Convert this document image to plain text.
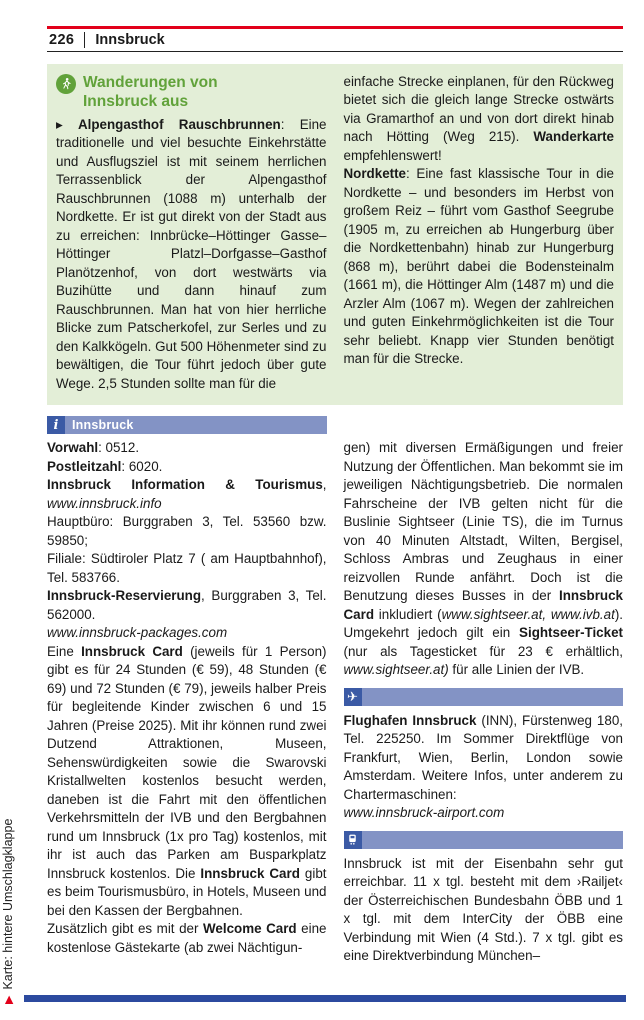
▶Karte: hintere Umschlagklappe
226	Innsbruck
Wanderungen von
Innsbruck aus
▸ Alpengasthof Rauschbrunnen: Eine traditionelle und viel besuchte Einkehrstätte und Ausflugsziel ist mit seinem herrlichen Terrassenblick der Alpengasthof Rauschbrunnen (1088 m) unterhalb der Nordkette. Er ist gut direkt von der Stadt aus zu erreichen: Innbrücke–Höttinger Gasse–Höttinger Platzl–Dorfgasse–Gasthof Planötzenhof, von dort westwärts via Buzihütte und dann hinauf zum Rauschbrunnen. Man hat von hier herrliche Blicke zum Patscherkofel, zur Serles und zu den Kalkkögeln. Gut 500 Höhenmeter sind zu bewältigen, die Tour führt jedoch über gute Wege. 2,5 Stunden sollte man für die
einfache Strecke einplanen, für den Rückweg bietet sich die gleich lange Strecke ostwärts via Gramarthof an und von dort direkt hinab nach Hötting (Weg 215). Wanderkarte empfehlenswert!
Nordkette: Eine fast klassische Tour in die Nordkette – und besonders im Herbst von großem Reiz – führt vom Gasthof Seegrube (1905 m, zu erreichen ab Hungerburg über die Nordkettenbahn) hinab zur Hungerburg (868 m), berührt dabei die Bodensteinalm (1661 m), die Höttinger Alm (1487 m) und die Arzler Alm (1067 m). Wegen der zahlreichen und guten Einkehrmöglichkeiten ist die Tour sehr beliebt. Knapp vier Stunden benötigt man für die Strecke.
i	Innsbruck
Vorwahl: 0512.
Postleitzahl: 6020.
Innsbruck Information & Tourismus, www.innsbruck.info
Hauptbüro: Burggraben 3, Tel. 53560 bzw. 59850;
Filiale: Südtiroler Platz 7 ( am Hauptbahnhof), Tel. 583766.
Innsbruck-Reservierung, Burggraben 3, Tel. 562000.
www.innsbruck-packages.com
Eine Innsbruck Card (jeweils für 1 Person) gibt es für 24 Stunden (€ 59), 48 Stunden (€ 69) und 72 Stunden (€ 79), jeweils halber Preis für begleitende Kinder zwischen 6 und 15 Jahren (Preise 2025). Mit ihr können rund zwei Dutzend Attraktionen, Museen, Sehenswürdigkeiten sowie die Swarovski Kristallwelten kostenlos besucht werden, daneben ist die Fahrt mit den öffentlichen Verkehrsmitteln der IVB und den Bergbahnen rund um Innsbruck (1x pro Tag) kostenlos, mit ihr ist auch das Parken am Busparkplatz Innsbruck kostenlos. Die Innsbruck Card gibt es beim Tourismusbüro, in Hotels, Museen und bei den Kassen der Bergbahnen.
Zusätzlich gibt es mit der Welcome Card eine kostenlose Gästekarte (ab zwei Nächtigun-
gen) mit diversen Ermäßigungen und freier Nutzung der Öffentlichen. Man bekommt sie im jeweiligen Nächtigungsbetrieb. Die normalen Fahrscheine der IVB gelten nicht für die Buslinie Sightseer (Linie TS), die im Turnus von 40 Minuten Altstadt, Wilten, Bergisel, Schloss Ambras und Zeughaus in einer reizvollen Runde anfährt. Doch ist die Benutzung dieses Busses in der Innsbruck Card inkludiert (www.sightseer.at, www.ivb.at). Umgekehrt jedoch gilt ein Sightseer-Ticket (nur als Tagesticket für 23 € erhältlich, www.sightseer.at) für alle Linien der IVB.
✈
Flughafen Innsbruck (INN), Fürstenweg 180, Tel. 225250. Im Sommer Direktflüge von Frankfurt, Wien, Berlin, London sowie Amsterdam. Weitere Infos, unter anderem zu Chartermaschinen:
www.innsbruck-airport.com
Innsbruck ist mit der Eisenbahn sehr gut erreichbar. 11 x tgl. besteht mit dem ›Railjet‹ der Österreichischen Bundesbahn ÖBB und 1 x tgl. mit dem InterCity der ÖBB eine Verbindung mit Wien (4 Std.). 7 x tgl. gibt es eine Direktverbindung München–
